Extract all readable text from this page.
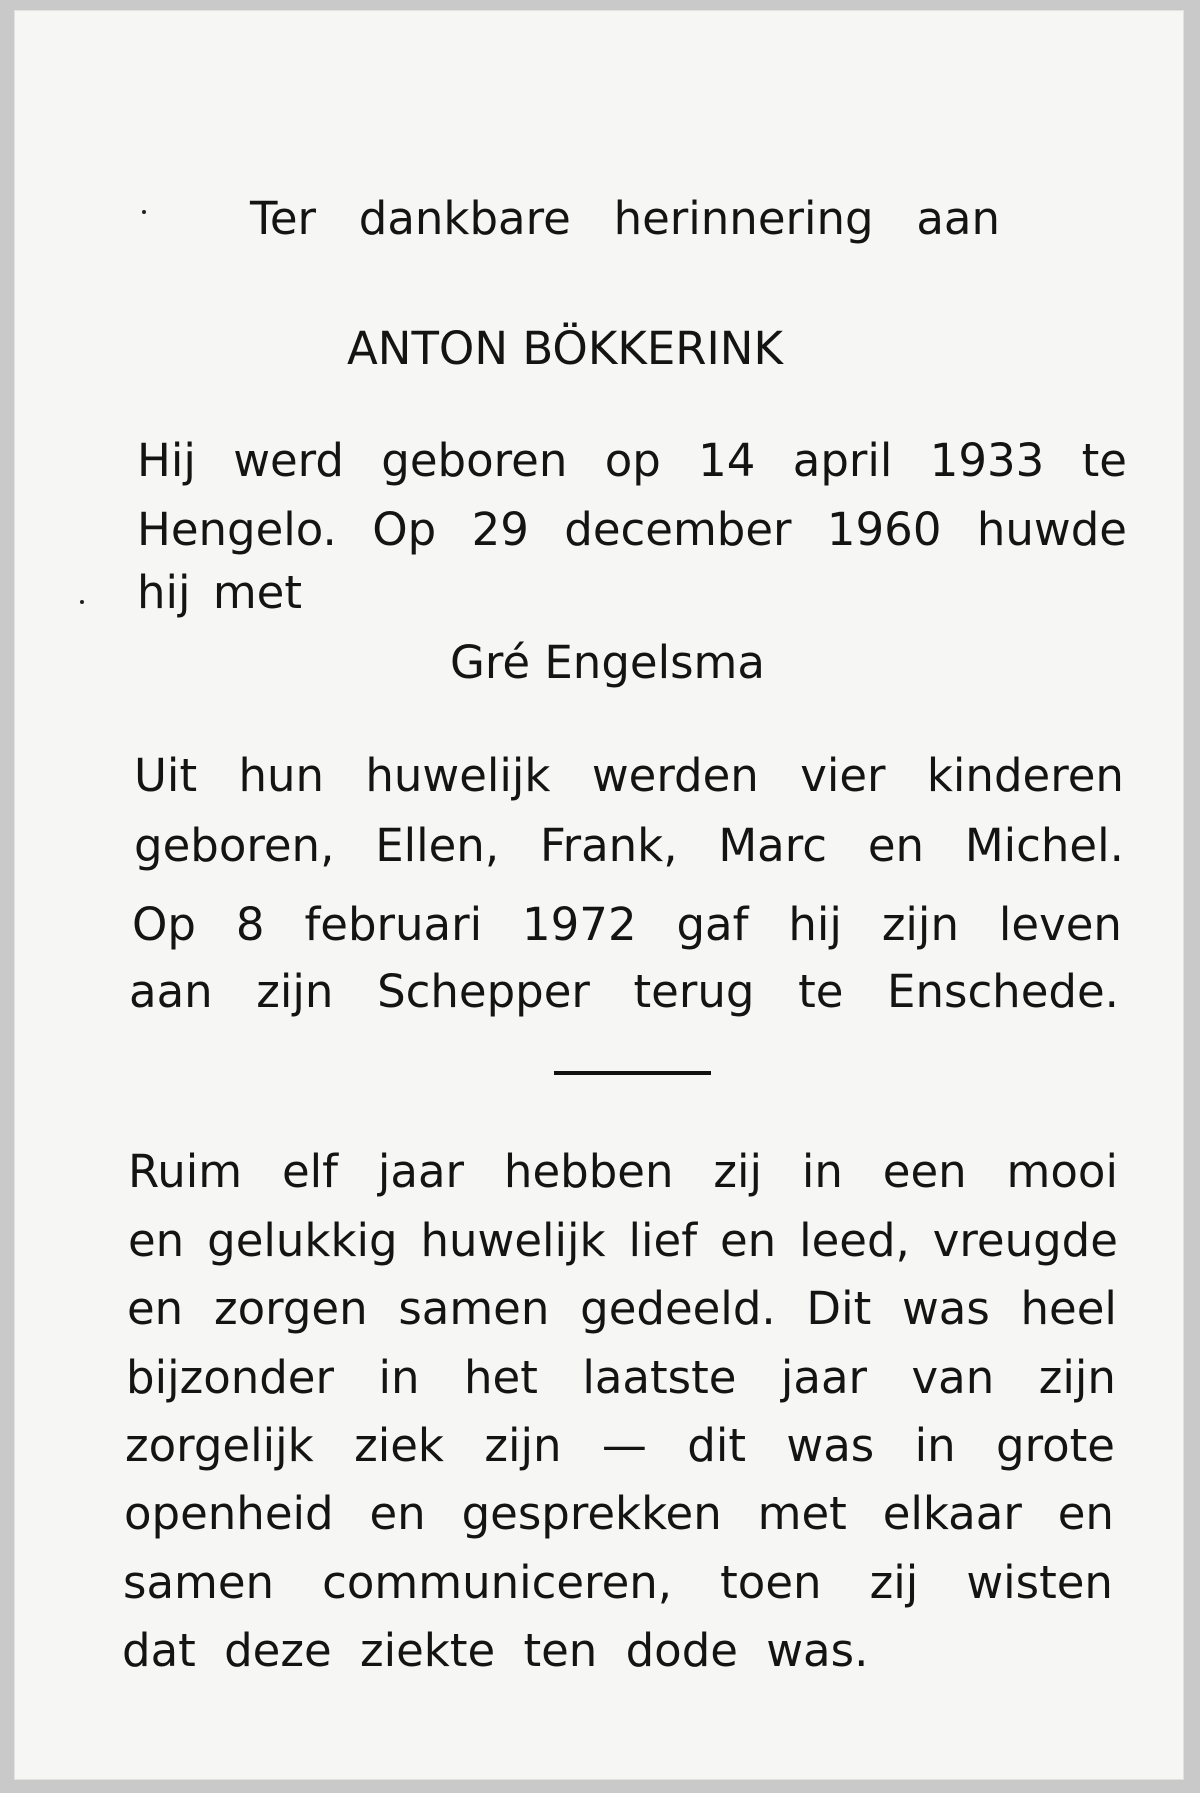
Ter dankbare herinnering aan
ANTON BÖKKERINK
Hij werd geboren op 14 april 1933 te
Hengelo. Op 29 december 1960 huwde
hij met
Gré Engelsma
Uit hun huwelijk werden vier kinderen
geboren, Ellen, Frank, Marc en Michel.
Op 8 februari 1972 gaf hij zijn leven
aan zijn Schepper terug te Enschede.
Ruim elf jaar hebben zij in een mooi
en gelukkig huwelijk lief en leed, vreugde
en zorgen samen gedeeld. Dit was heel
bijzonder in het laatste jaar van zijn
zorgelijk ziek zijn — dit was in grote
openheid en gesprekken met elkaar en
samen communiceren, toen zij wisten
dat deze ziekte ten dode was.
